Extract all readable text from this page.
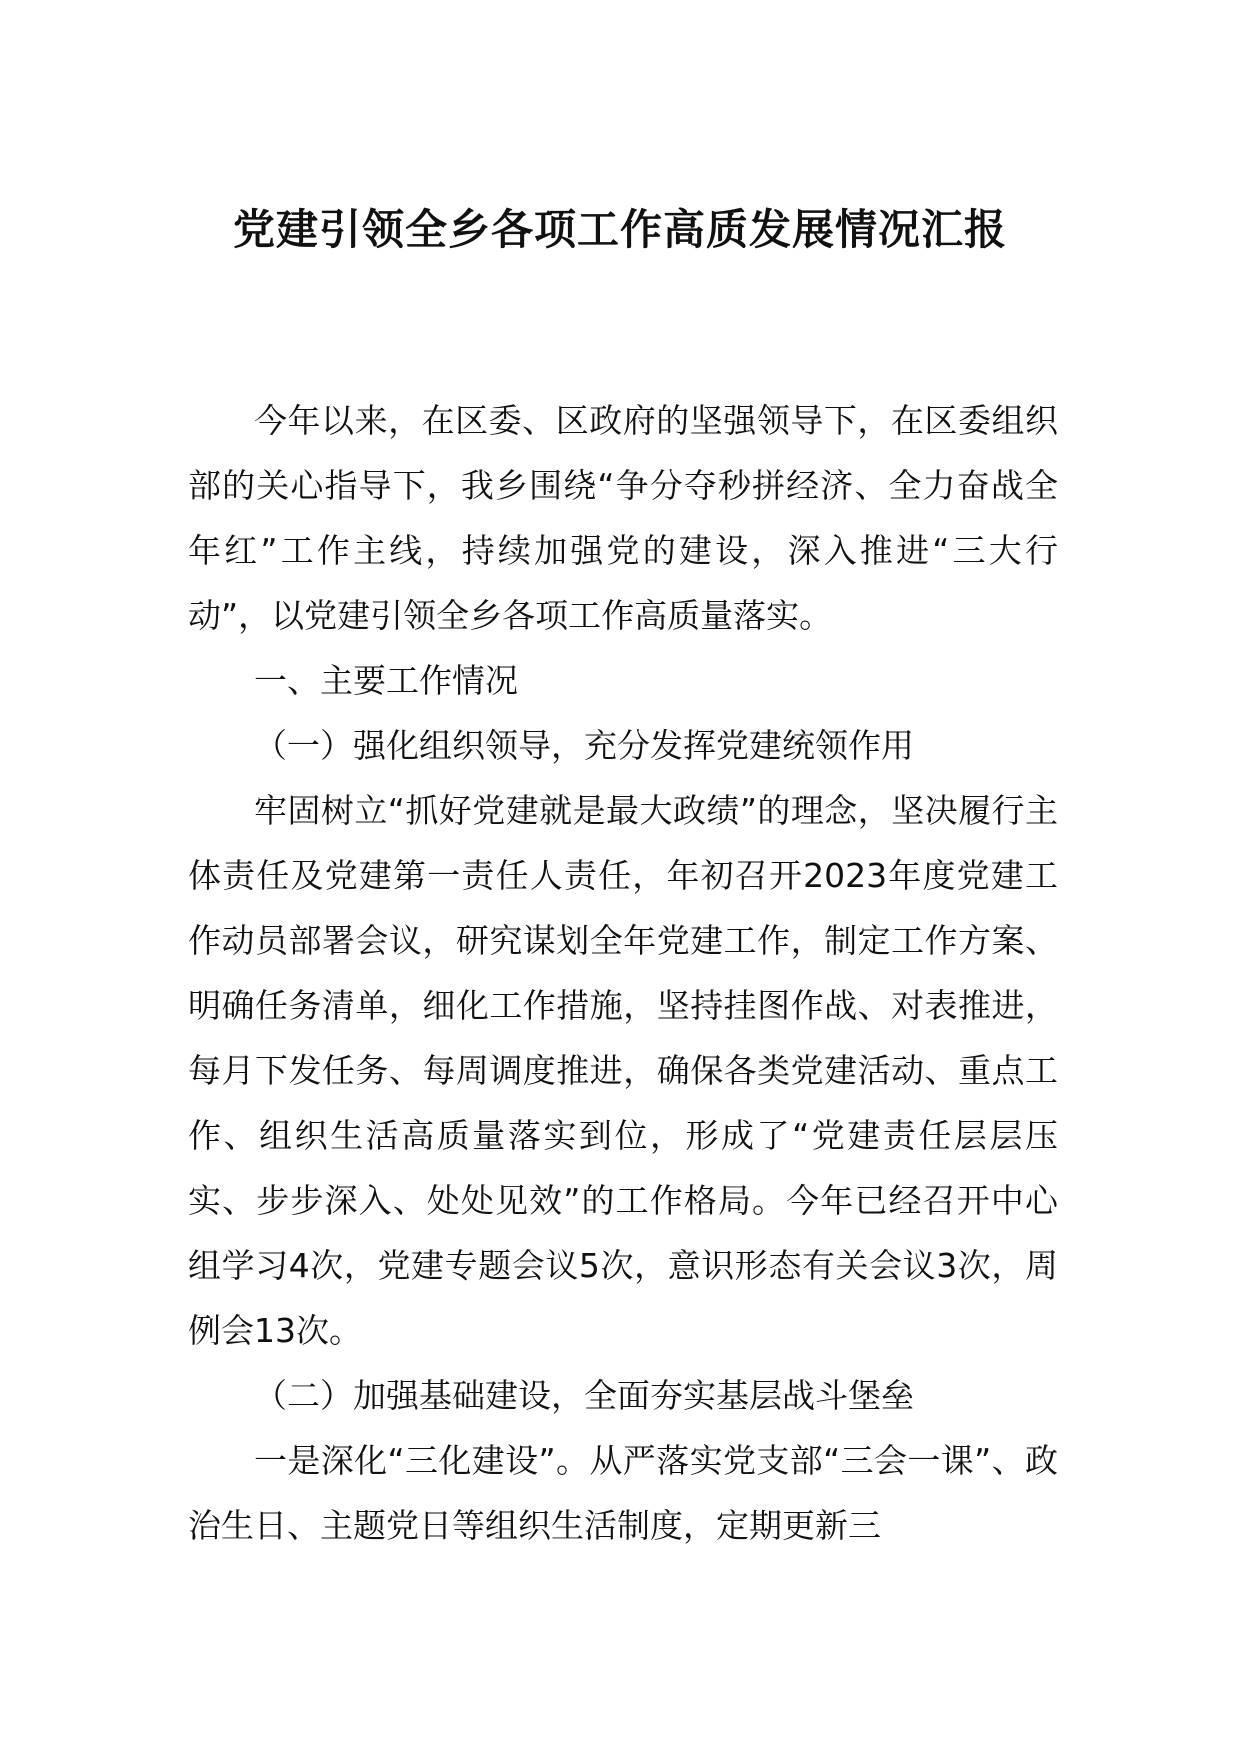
党建引领全乡各项工作高质发展情况汇报

今年以来，在区委、区政府的坚强领导下，在区委组织部的关心指导下，我乡围绕“争分夺秒拼经济、全力奋战全年红”工作主线，持续加强党的建设，深入推进“三大行动”，以党建引领全乡各项工作高质量落实。

一、主要工作情况

（一）强化组织领导，充分发挥党建统领作用

牢固树立“抓好党建就是最大政绩”的理念，坚决履行主体责任及党建第一责任人责任，年初召开2023年度党建工作动员部署会议，研究谋划全年党建工作，制定工作方案、明确任务清单，细化工作措施，坚持挂图作战、对表推进，每月下发任务、每周调度推进，确保各类党建活动、重点工作、组织生活高质量落实到位，形成了“党建责任层层压实、步步深入、处处见效”的工作格局。今年已经召开中心组学习4次，党建专题会议5次，意识形态有关会议3次，周例会13次。

（二）加强基础建设，全面夯实基层战斗堡垒

一是深化“三化建设”。从严落实党支部“三会一课”、政治生日、主题党日等组织生活制度，定期更新三
